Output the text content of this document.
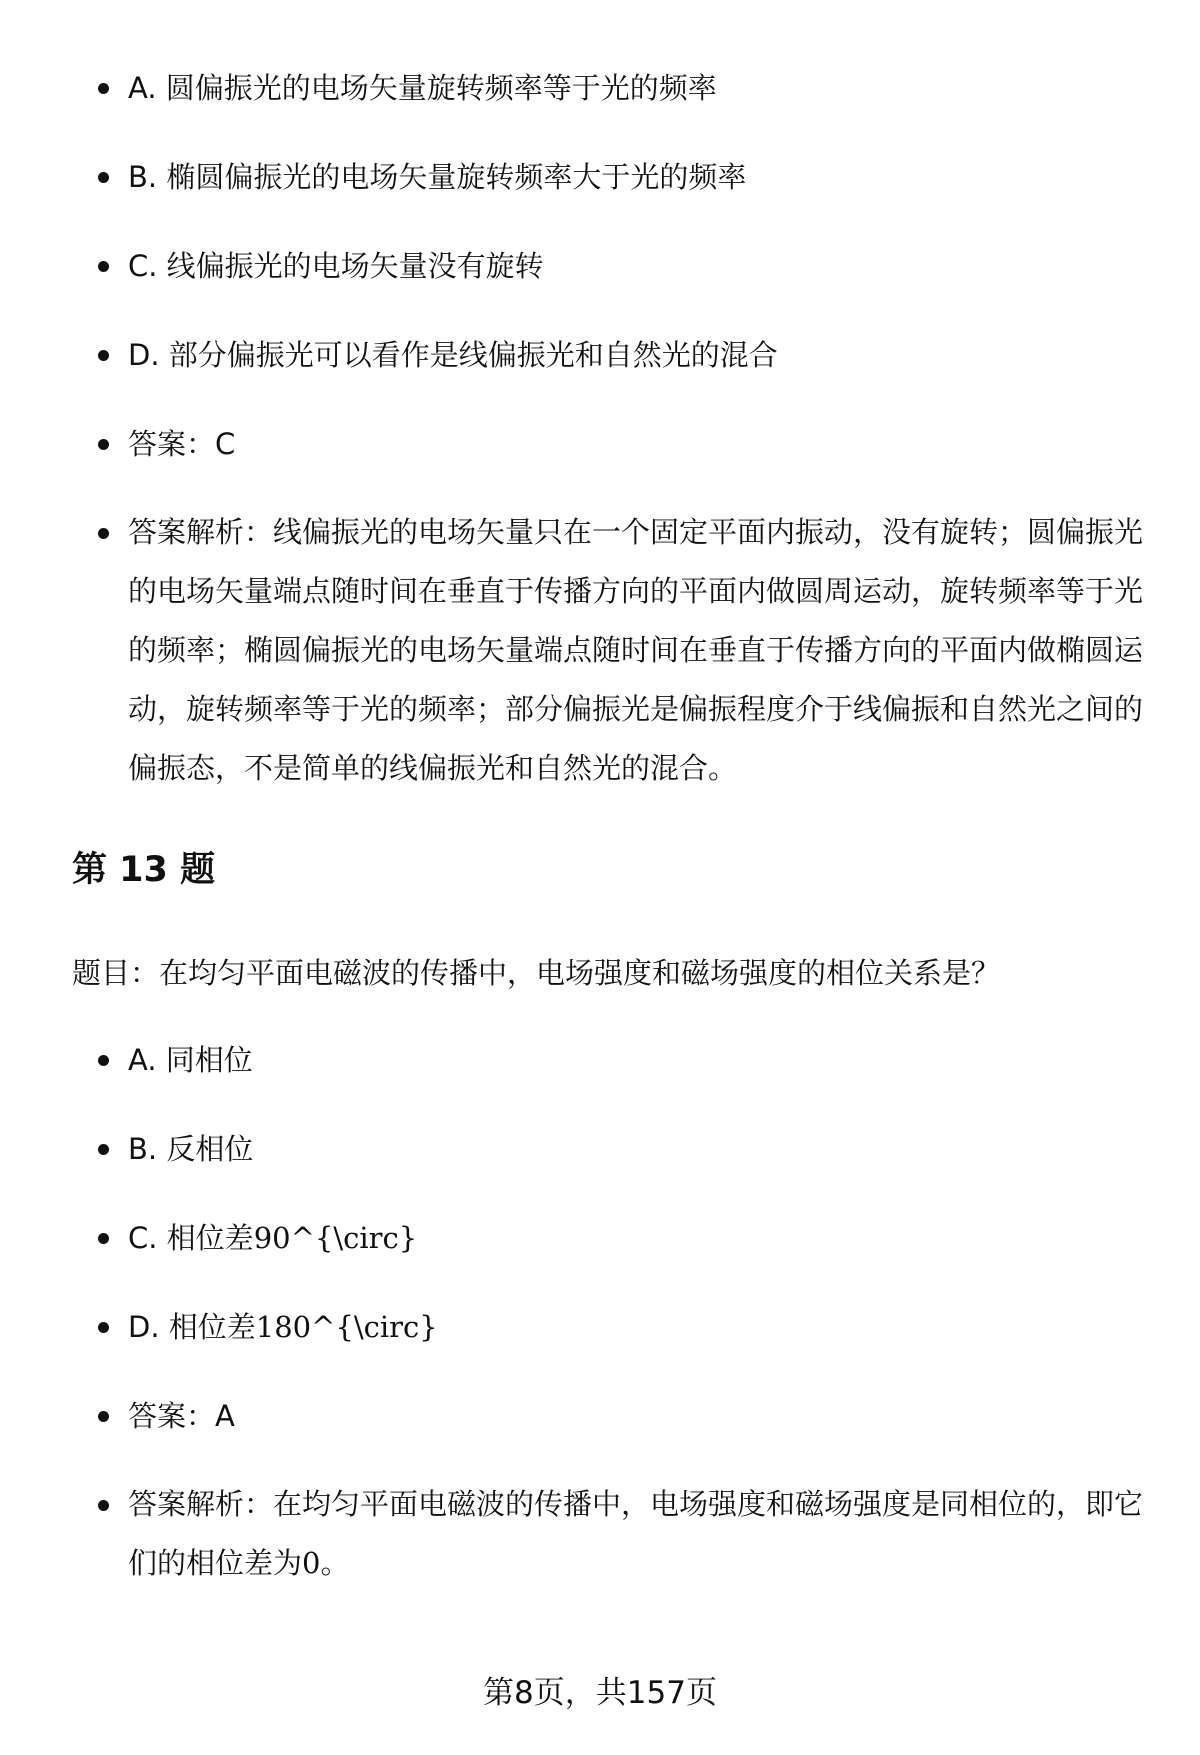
A. 圆偏振光的电场矢量旋转频率等于光的频率
B. 椭圆偏振光的电场矢量旋转频率大于光的频率
C. 线偏振光的电场矢量没有旋转
D. 部分偏振光可以看作是线偏振光和自然光的混合
答案：C
答案解析：线偏振光的电场矢量只在一个固定平面内振动，没有旋转；圆偏振光的电场矢量端点随时间在垂直于传播方向的平面内做圆周运动，旋转频率等于光的频率；椭圆偏振光的电场矢量端点随时间在垂直于传播方向的平面内做椭圆运动，旋转频率等于光的频率；部分偏振光是偏振程度介于线偏振和自然光之间的偏振态，不是简单的线偏振光和自然光的混合。
第 13 题

题目：在均匀平面电磁波的传播中，电场强度和磁场强度的相位关系是？

A. 同相位
B. 反相位
C. 相位差90^{\circ}
D. 相位差180^{\circ}
答案：A
答案解析：在均匀平面电磁波的传播中，电场强度和磁场强度是同相位的，即它们的相位差为0。
第8页，共157页
